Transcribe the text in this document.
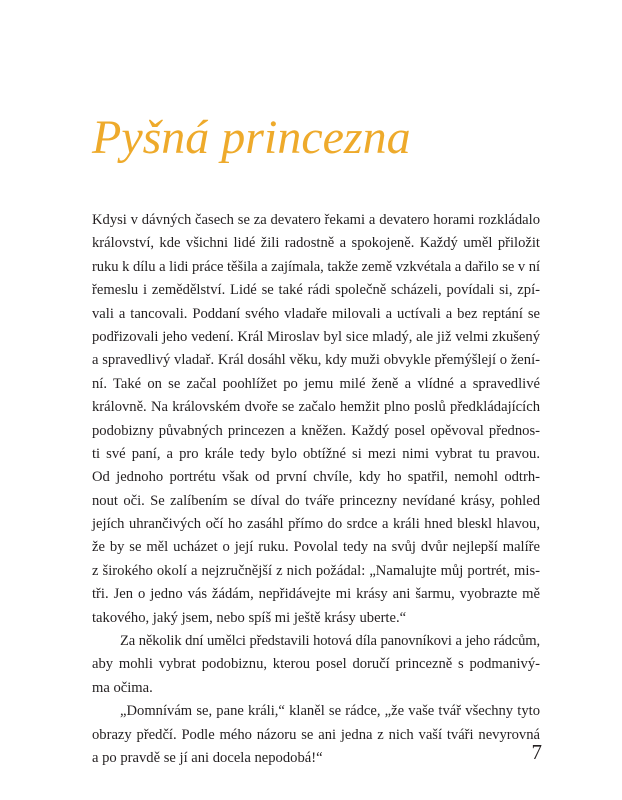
Pyšná princezna
Kdysi v dávných časech se za devatero řekami a devatero horami rozkládalo
království, kde všichni lidé žili radostně a spokojeně. Každý uměl přiložit
ruku k dílu a lidi práce těšila a zajímala, takže země vzkvétala a dařilo se v ní
řemeslu i zemědělství. Lidé se také rádi společně scházeli, povídali si, zpí-
vali a tancovali. Poddaní svého vladaře milovali a uctívali a bez reptání se
podřizovali jeho vedení. Král Miroslav byl sice mladý, ale již velmi zkušený
a spravedlivý vladař. Král dosáhl věku, kdy muži obvykle přemýšlejí o žení-
ní. Také on se začal poohlížet po jemu milé ženě a vlídné a spravedlivé
královně. Na královském dvoře se začalo hemžit plno poslů předkládajících
podobizny půvabných princezen a kněžen. Každý posel opěvoval přednos-
ti své paní, a pro krále tedy bylo obtížné si mezi nimi vybrat tu pravou.
Od jednoho portrétu však od první chvíle, kdy ho spatřil, nemohl odtrh-
nout oči. Se zalíbením se díval do tváře princezny nevídané krásy, pohled
jejích uhrančivých očí ho zasáhl přímo do srdce a králi hned bleskl hlavou,
že by se měl ucházet o její ruku. Povolal tedy na svůj dvůr nejlepší malíře
z širokého okolí a nejzručnější z nich požádal: „Namalujte můj portrét, mis-
tři. Jen o jedno vás žádám, nepřidávejte mi krásy ani šarmu, vyobrazte mě
takového, jaký jsem, nebo spíš mi ještě krásy uberte.“
Za několik dní umělci představili hotová díla panovníkovi a jeho rádcům,
aby mohli vybrat podobiznu, kterou posel doručí princezně s podmanivý-
ma očima.
„Domnívám se, pane králi,“ klaněl se rádce, „že vaše tvář všechny tyto
obrazy předčí. Podle mého názoru se ani jedna z nich vaší tváři nevyrovná
a po pravdě se jí ani docela nepodobá!“	7
